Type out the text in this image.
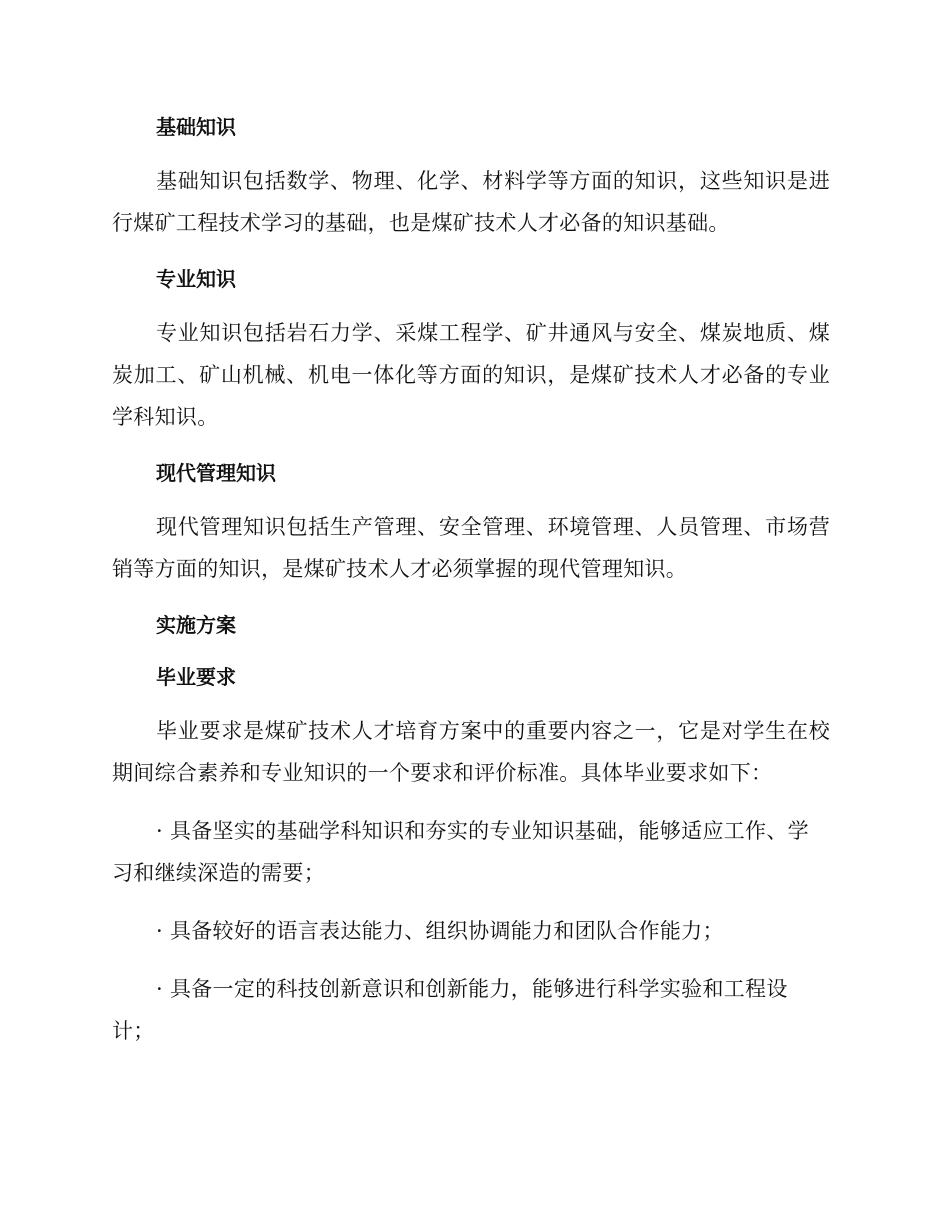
基础知识

基础知识包括数学、物理、化学、材料学等方面的知识，这些知识是进行煤矿工程技术学习的基础，也是煤矿技术人才必备的知识基础。

专业知识

专业知识包括岩石力学、采煤工程学、矿井通风与安全、煤炭地质、煤炭加工、矿山机械、机电一体化等方面的知识，是煤矿技术人才必备的专业学科知识。

现代管理知识

现代管理知识包括生产管理、安全管理、环境管理、人员管理、市场营销等方面的知识，是煤矿技术人才必须掌握的现代管理知识。

实施方案
毕业要求

毕业要求是煤矿技术人才培育方案中的重要内容之一，它是对学生在校期间综合素养和专业知识的一个要求和评价标准。具体毕业要求如下：

· 具备坚实的基础学科知识和夯实的专业知识基础，能够适应工作、学习和继续深造的需要；

· 具备较好的语言表达能力、组织协调能力和团队合作能力；

· 具备一定的科技创新意识和创新能力，能够进行科学实验和工程设计；
